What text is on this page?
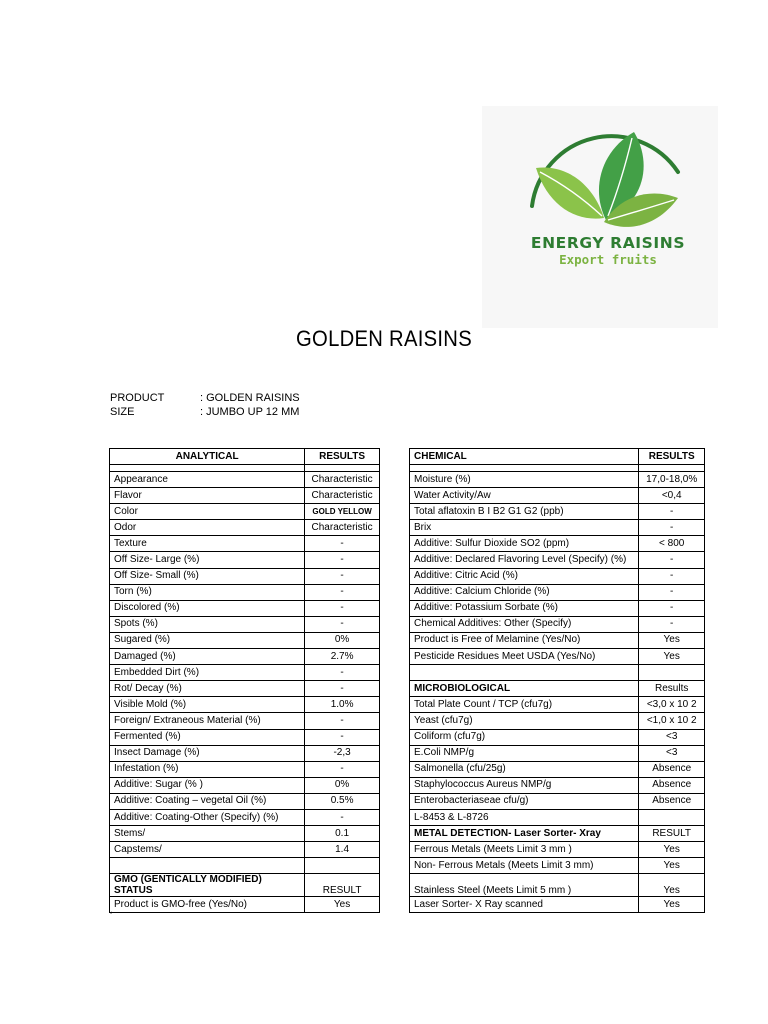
ENERGY RAISINS
Export fruits
GOLDEN RAISINS
PRODUCT	: GOLDEN RAISINS
SIZE	: JUMBO UP 12 MM
ANALYTICAL	RESULTS

Appearance	Characteristic
Flavor	Characteristic
Color	GOLD YELLOW
Odor	Characteristic
Texture	-
Off Size- Large (%)	-
Off Size- Small (%)	-
Torn (%)	-
Discolored (%)	-
Spots (%)	-
Sugared (%)	0%
Damaged (%)	2.7%
Embedded Dirt (%)	-
Rot/ Decay (%)	-
Visible Mold (%)	1.0%
Foreign/ Extraneous Material (%)	-
Fermented (%)	-
Insect Damage (%)	-2,3
Infestation (%)	-
Additive: Sugar (% )	0%
Additive: Coating – vegetal Oil (%)	0.5%
Additive: Coating-Other (Specify) (%)	-
Stems/	0.1
Capstems/	1.4

GMO (GENTICALLY MODIFIED)
STATUS	RESULT
Product is GMO-free (Yes/No)	Yes
CHEMICAL	RESULTS

Moisture (%)	17,0-18,0%
Water Activity/Aw	<0,4
Total aflatoxin B I B2 G1 G2 (ppb)	-
Brix	-
Additive: Sulfur Dioxide SO2 (ppm)	< 800
Additive: Declared Flavoring Level (Specify) (%)	-
Additive: Citric Acid (%)	-
Additive: Calcium Chloride (%)	-
Additive: Potassium Sorbate (%)	-
Chemical Additives: Other (Specify)	-
Product is Free of Melamine (Yes/No)	Yes
Pesticide Residues Meet USDA (Yes/No)	Yes

MICROBIOLOGICAL	Results
Total Plate Count / TCP (cfu7g)	<3,0 x 10 2
Yeast (cfu7g)	<1,0 x 10 2
Coliform (cfu7g)	<3
E.Coli NMP/g	<3
Salmonella (cfu/25g)	Absence
Staphylococcus Aureus NMP/g	Absence
Enterobacteriaseae cfu/g)	Absence
L-8453 & L-8726	
METAL DETECTION- Laser Sorter- Xray	RESULT
Ferrous Metals (Meets Limit 3 mm )	Yes
Non- Ferrous Metals (Meets Limit 3 mm)	Yes
Stainless Steel (Meets Limit 5 mm )	Yes
Laser Sorter- X Ray scanned	Yes
*
